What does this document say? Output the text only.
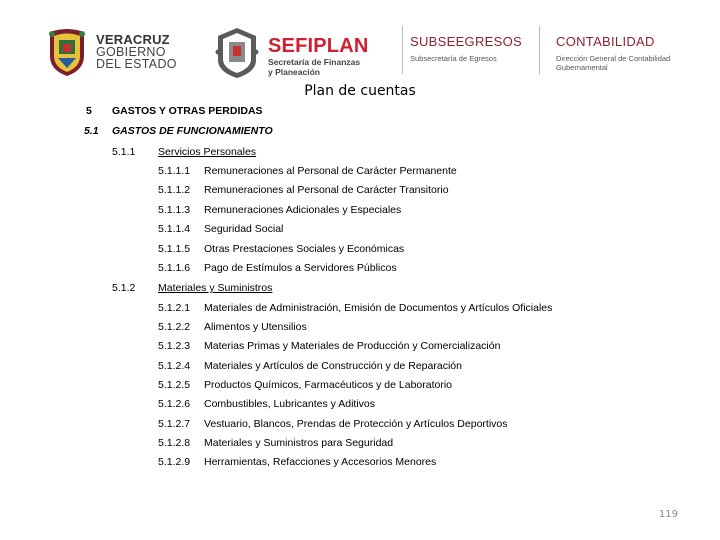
VERACRUZ
GOBIERNO
DEL ESTADO
SEFIPLAN
Secretaría de Finanzas
y Planeación
SUBSEEGRESOS
Subsecretaría de Egresos
CONTABILIDAD
Dirección General de Contabilidad Gubernamental
Plan de cuentas
5 GASTOS Y OTRAS PERDIDAS
5.1 GASTOS DE FUNCIONAMIENTO
5.1.1 Servicios Personales
5.1.1.1 Remuneraciones al Personal de Carácter Permanente
5.1.1.2 Remuneraciones al Personal de Carácter Transitorio
5.1.1.3 Remuneraciones Adicionales y Especiales
5.1.1.4 Seguridad Social
5.1.1.5 Otras Prestaciones Sociales y Económicas
5.1.1.6 Pago de Estímulos a Servidores Públicos
5.1.2 Materiales y Suministros
5.1.2.1 Materiales de Administración, Emisión de Documentos y Artículos Oficiales
5.1.2.2 Alimentos y Utensilios
5.1.2.3 Materias Primas y Materiales de Producción y Comercialización
5.1.2.4 Materiales y Artículos de Construcción y de Reparación
5.1.2.5 Productos Químicos, Farmacéuticos y de Laboratorio
5.1.2.6 Combustibles, Lubricantes y Aditivos
5.1.2.7 Vestuario, Blancos, Prendas de Protección y Artículos Deportivos
5.1.2.8 Materiales y Suministros para Seguridad
5.1.2.9 Herramientas, Refacciones y Accesorios Menores
119
